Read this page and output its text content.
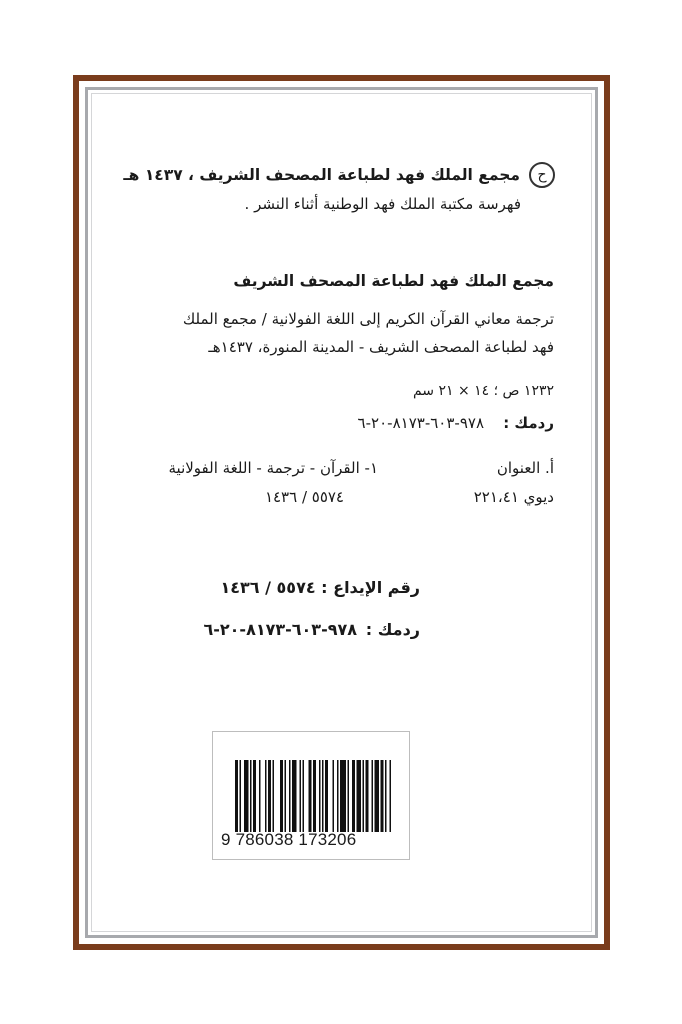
ح
مجمع الملك فهد لطباعة المصحف الشريف ، ١٤٣٧ هـ
فهرسة مكتبة الملك فهد الوطنية أثناء النشر .
مجمع الملك فهد لطباعة المصحف الشريف
ترجمة معاني القرآن الكريم إلى اللغة الفولانية / مجمع الملك
فهد لطباعة المصحف الشريف - المدينة المنورة، ١٤٣٧هـ
١٢٣٢ ص ؛ ١٤ × ٢١ سم
ردمك :
٩٧٨-٦٠٣-٨١٧٣-٢٠-٦
١- القرآن - ترجمة - اللغة الفولانية	أ. العنوان
ديوي ٢٢١،٤١
٥٥٧٤ / ١٤٣٦
رقم الإيداع : ٥٥٧٤ / ١٤٣٦
ردمك :
٩٧٨-٦٠٣-٨١٧٣-٢٠-٦
9 786038 173206
